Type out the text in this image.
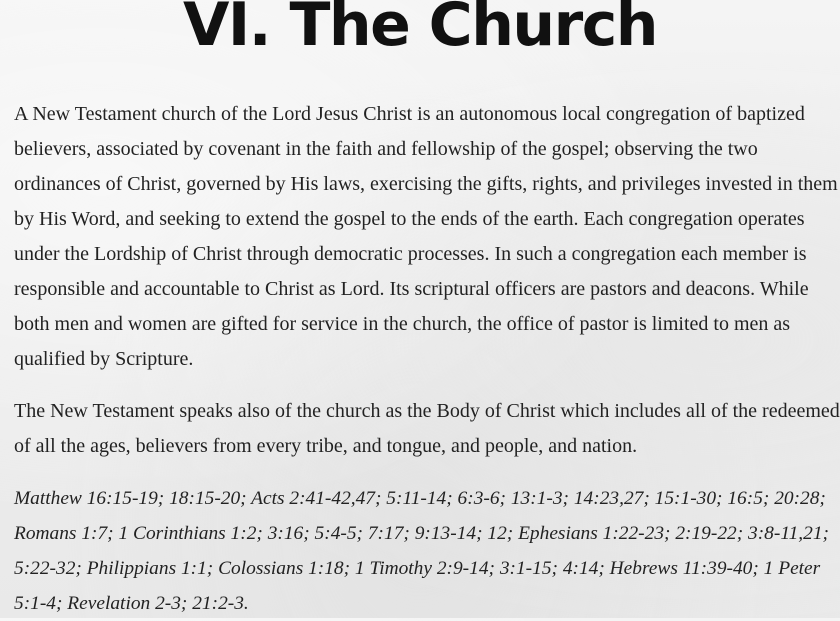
VI. The Church

A New Testament church of the Lord Jesus Christ is an autonomous local congregation of baptized believers, associated by covenant in the faith and fellowship of the gospel; observing the two ordinances of Christ, governed by His laws, exercising the gifts, rights, and privileges invested in them by His Word, and seeking to extend the gospel to the ends of the earth. Each congregation operates under the Lordship of Christ through democratic processes. In such a congregation each member is responsible and accountable to Christ as Lord. Its scriptural officers are pastors and deacons. While both men and women are gifted for service in the church, the office of pastor is limited to men as qualified by Scripture.

The New Testament speaks also of the church as the Body of Christ which includes all of the redeemed of all the ages, believers from every tribe, and tongue, and people, and nation.

Matthew 16:15-19; 18:15-20; Acts 2:41-42,47; 5:11-14; 6:3-6; 13:1-3; 14:23,27; 15:1-30; 16:5; 20:28; Romans 1:7; 1 Corinthians 1:2; 3:16; 5:4-5; 7:17; 9:13-14; 12; Ephesians 1:22-23; 2:19-22; 3:8-11,21; 5:22-32; Philippians 1:1; Colossians 1:18; 1 Timothy 2:9-14; 3:1-15; 4:14; Hebrews 11:39-40; 1 Peter 5:1-4; Revelation 2-3; 21:2-3.
